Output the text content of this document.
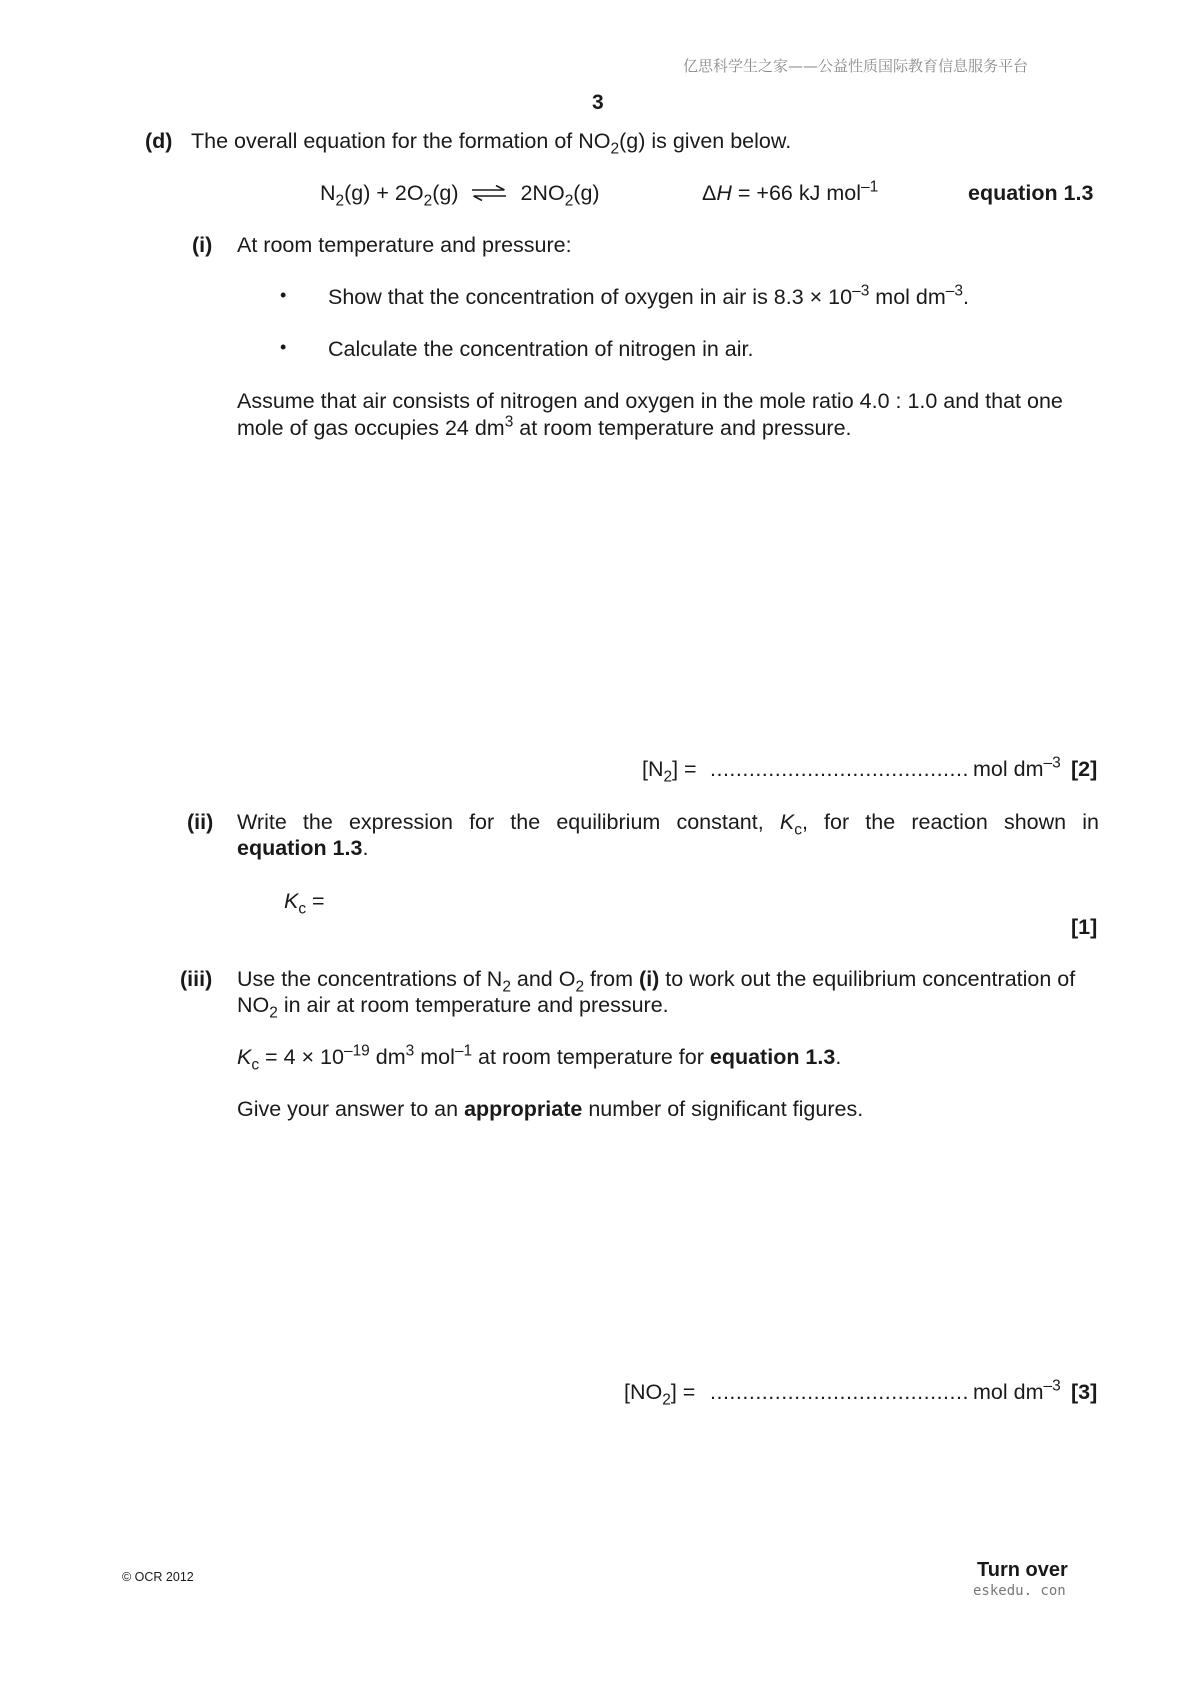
亿思科学生之家——公益性质国际教育信息服务平台
3
(d) The overall equation for the formation of $NO_2(g)$ is given below.
$N_2(g) + 2O_2(g)$ ⇌ $2NO_2(g)$	ΔH = +66 kJ mol$^{-1}$	equation 1.3
(i) At room temperature and pressure:
• Show that the concentration of oxygen in air is $8.3 \times 10^{-3}$ mol $dm^{-3}$.
• Calculate the concentration of nitrogen in air.
Assume that air consists of nitrogen and oxygen in the mole ratio 4.0 : 1.0 and that one mole of gas occupies 24 $dm^3$ at room temperature and pressure.
$[N_2]$ = ........................................ mol $dm^{-3}$ [2]
(ii) Write the expression for the equilibrium constant, $K_c$, for the reaction shown in
equation 1.3.
$K_c$ =
[1]
(iii) Use the concentrations of $N_2$ and $O_2$ from (i) to work out the equilibrium concentration of
$NO_2$ in air at room temperature and pressure.
$K_c = 4 \times 10^{-19}$ $dm^3$ mol$^{-1}$ at room temperature for equation 1.3.
Give your answer to an appropriate number of significant figures.
$[NO_2]$ = ........................................ mol $dm^{-3}$ [3]
© OCR 2012	Turn over
eskedu. con
